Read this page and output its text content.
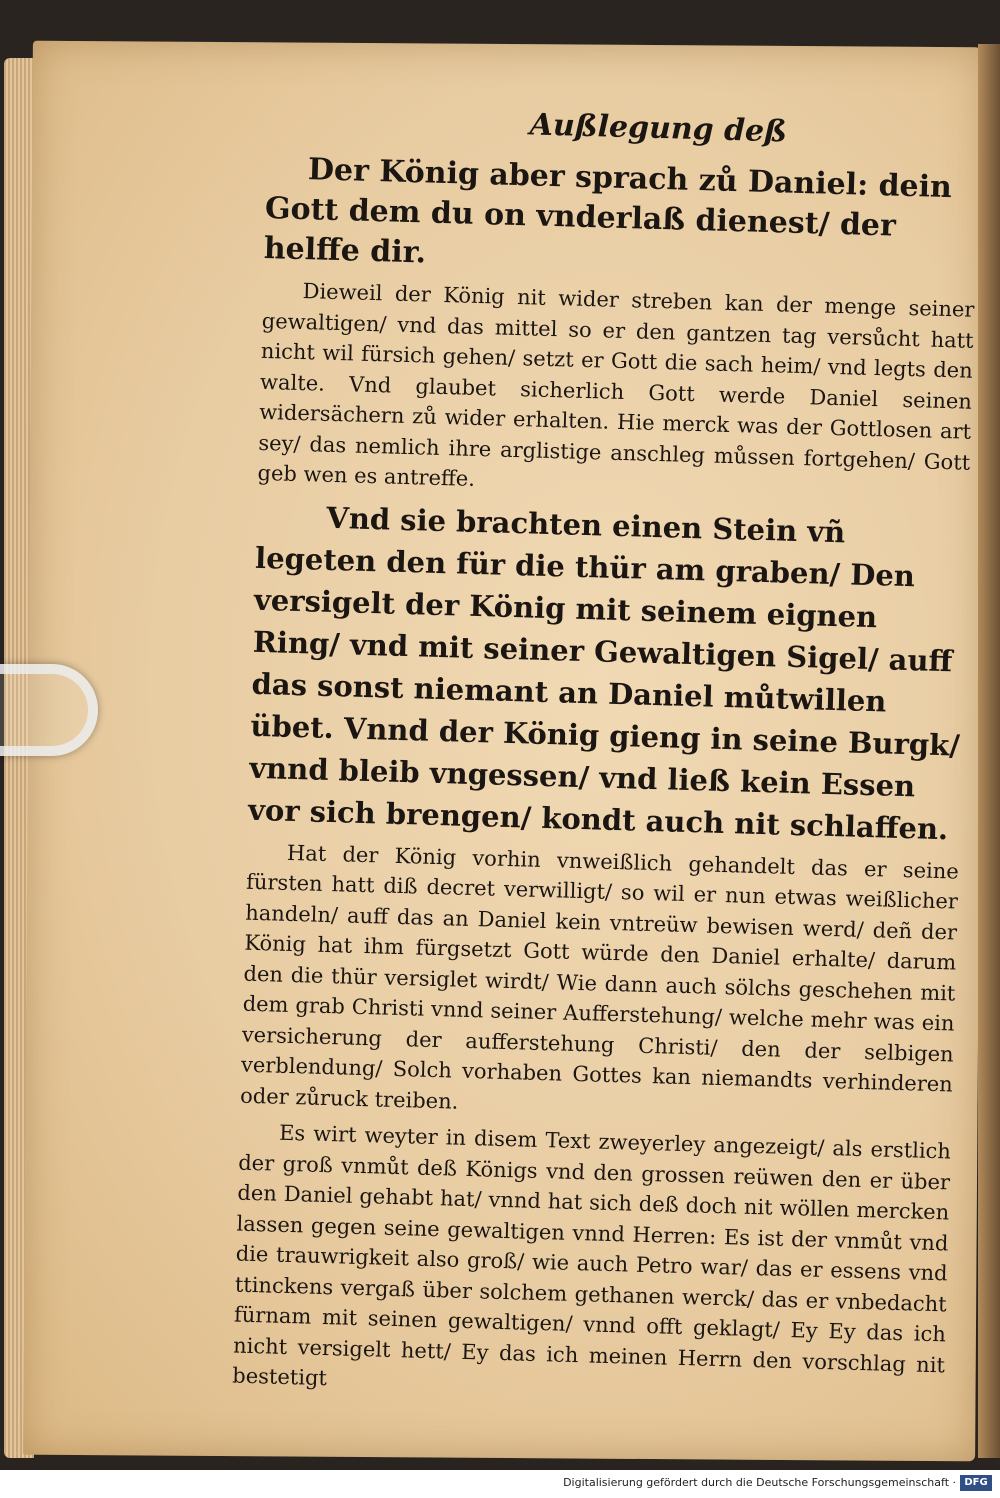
Außlegung deß

Der König aber sprach zů Daniel: dein Gott dem du on vnderlaß dienest/ der helffe dir.

Dieweil der König nit wider streben kan der menge seiner gewaltigen/ vnd das mittel so er den gantzen tag versůcht hatt nicht wil fürsich gehen/ setzt er Gott die sach heim/ vnd legts den walte. Vnd glaubet sicherlich Gott werde Daniel seinen widersächern zů wider erhalten. Hie merck was der Gottlosen art sey/ das nemlich ihre arglistige anschleg můssen fortgehen/ Gott geb wen es antreffe.

Vnd sie brachten einen Stein vñ legeten den für die thür am graben/ Den versigelt der König mit seinem eignen Ring/ vnd mit seiner Gewaltigen Sigel/ auff das sonst niemant an Daniel můtwillen übet. Vnnd der König gieng in seine Burgk/ vnnd bleib vngessen/ vnd ließ kein Essen vor sich brengen/ kondt auch nit schlaffen.

Hat der König vorhin vnweißlich gehandelt das er seine fürsten hatt diß decret verwilligt/ so wil er nun etwas weißlicher handeln/ auff das an Daniel kein vntreüw bewisen werd/ deñ der König hat ihm fürgsetzt Gott würde den Daniel erhalte/ darum den die thür versiglet wirdt/ Wie dann auch sölchs geschehen mit dem grab Christi vnnd seiner Aufferstehung/ welche mehr was ein versicherung der aufferstehung Christi/ den der selbigen verblendung/ Solch vorhaben Gottes kan niemandts verhinderen oder zůruck treiben.

Es wirt weyter in disem Text zweyerley angezeigt/ als erstlich der groß vnmůt deß Königs vnd den grossen reüwen den er über den Daniel gehabt hat/ vnnd hat sich deß doch nit wöllen mercken lassen gegen seine gewaltigen vnnd Herren: Es ist der vnmůt vnd die trauwrigkeit also groß/ wie auch Petro war/ das er essens vnd ttinckens vergaß über solchem gethanen werck/ das er vnbedacht fürnam mit seinen gewaltigen/ vnnd offt geklagt/ Ey Ey das ich nicht versigelt hett/ Ey das ich meinen Herrn den vorschlag nit bestetigt

Digitalisierung gefördert durch die Deutsche Forschungsgemeinschaft · DFG
